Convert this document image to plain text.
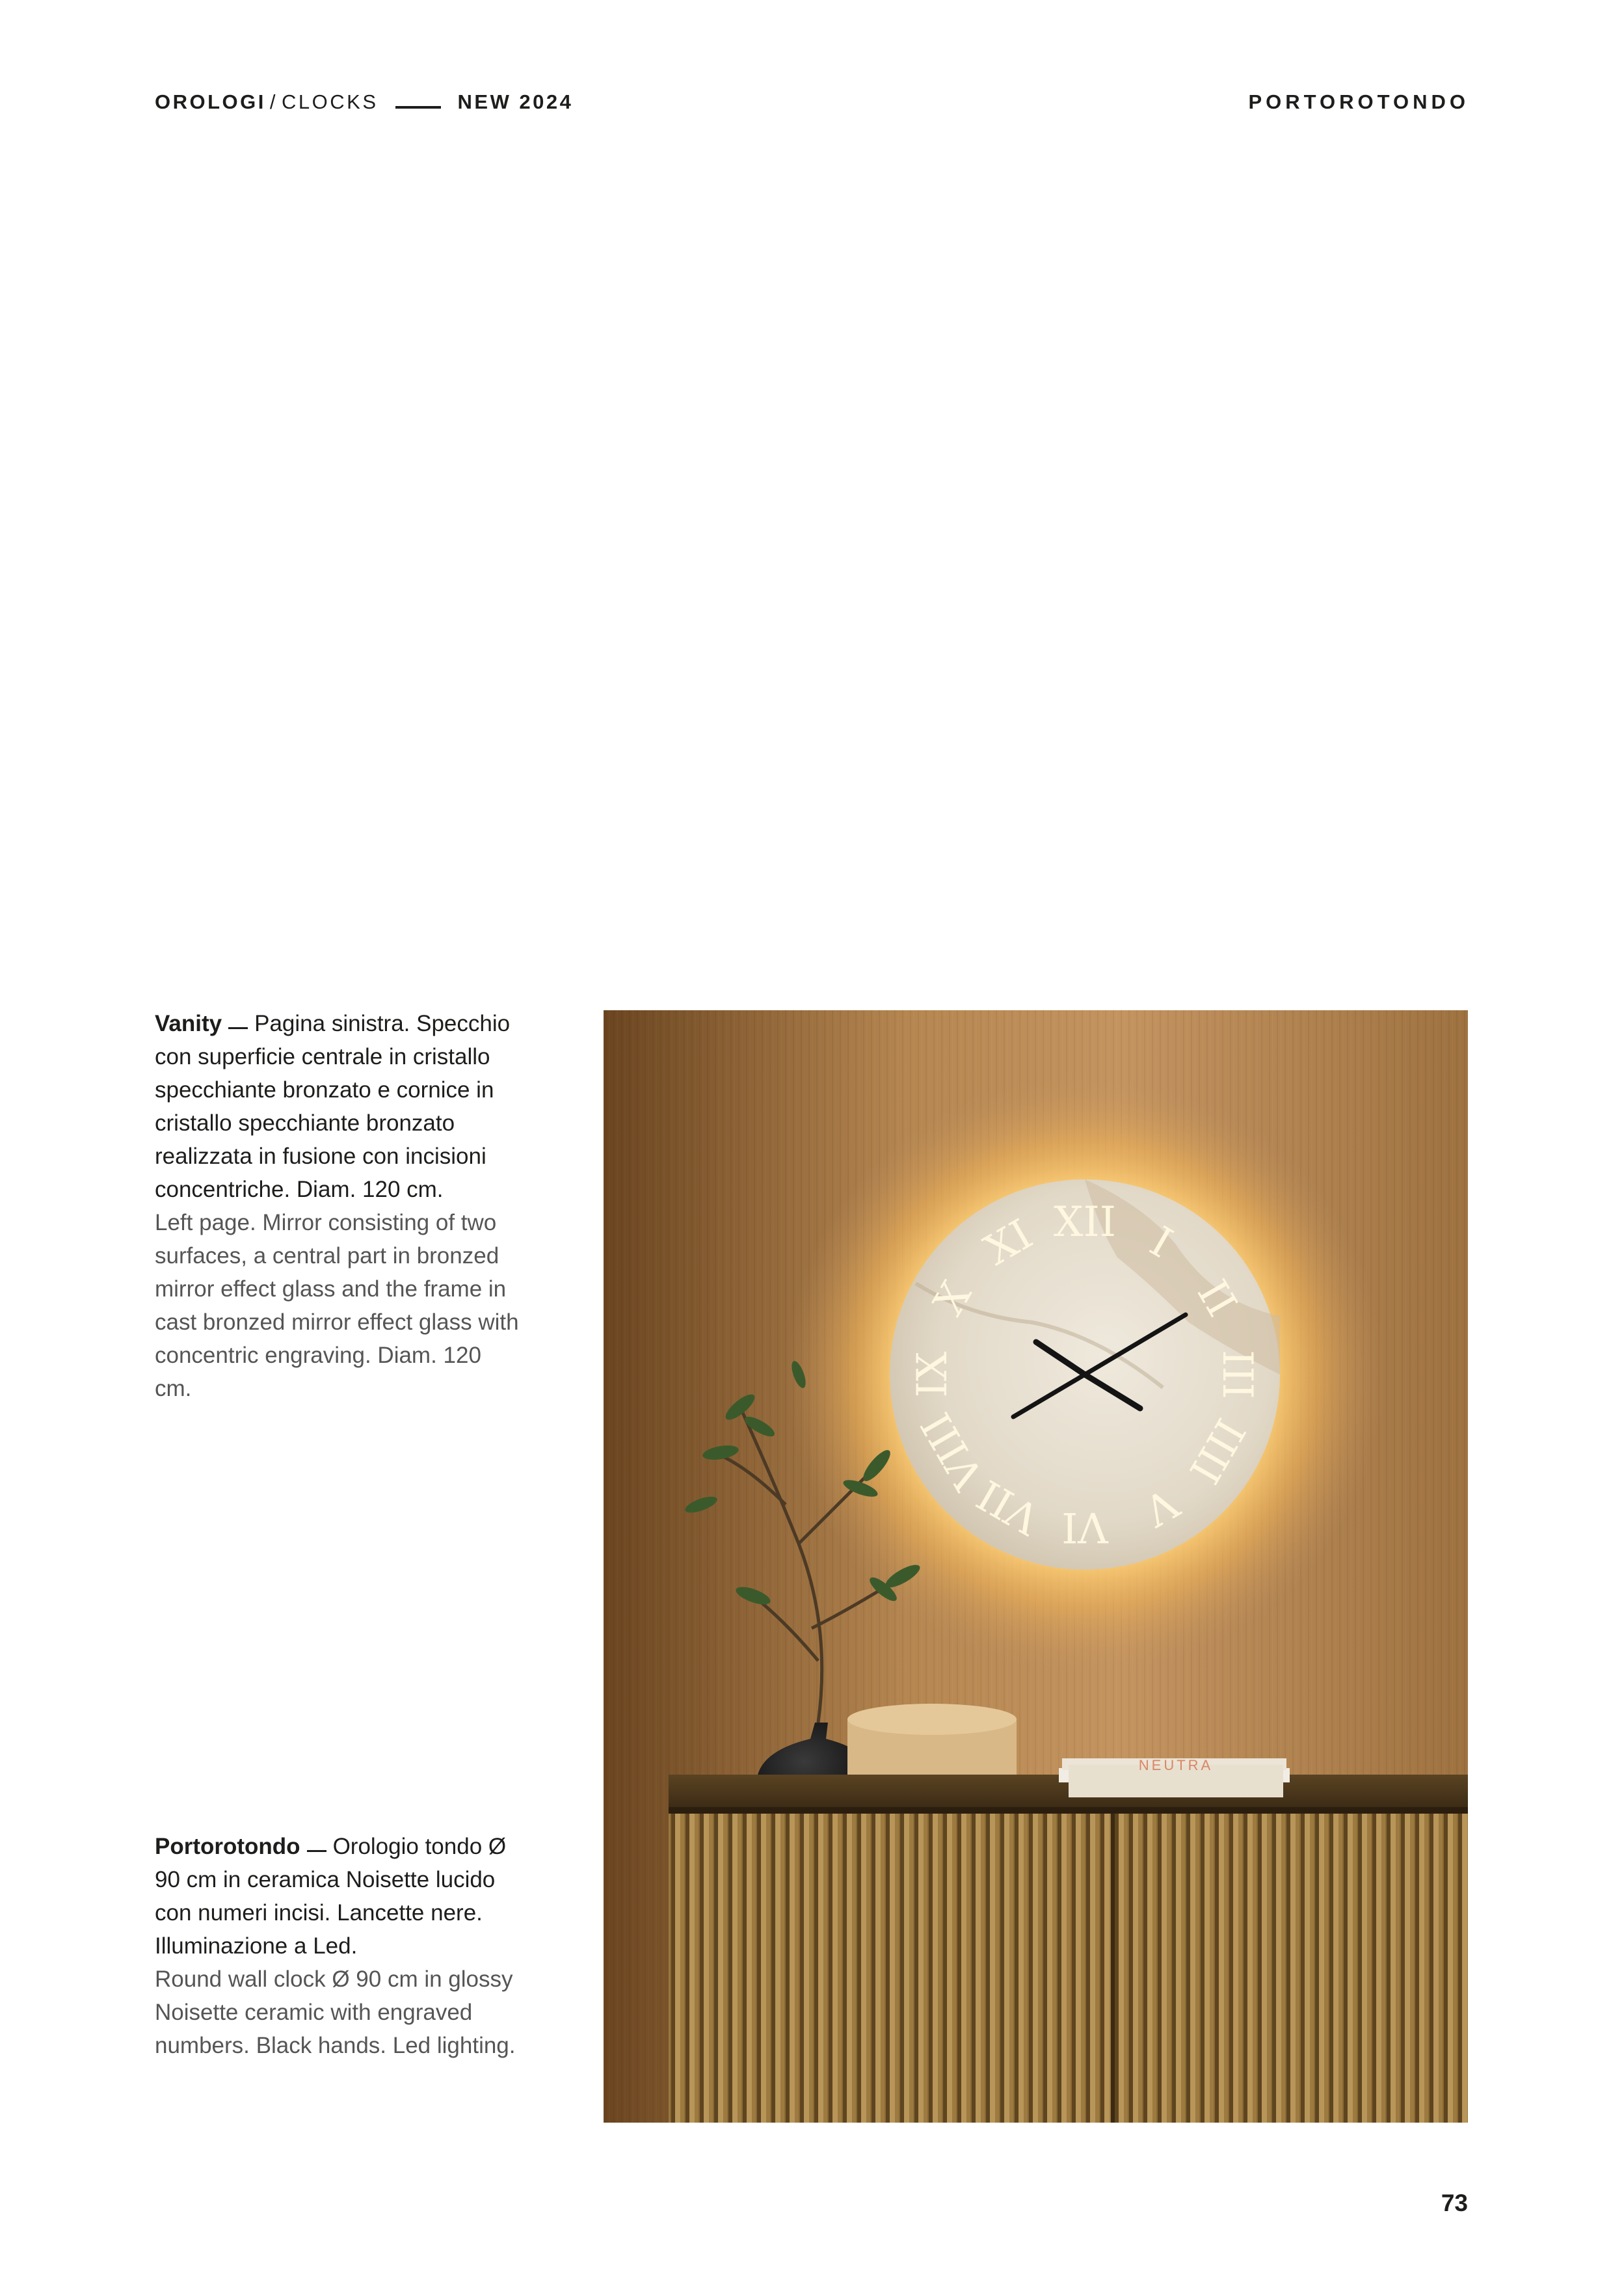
OROLOGI / CLOCKS	NEW 2024	PORTOROTONDO

Vanity Pagina sinistra. Specchio con superficie centrale in cristallo specchiante bronzato e cornice in cristallo specchiante bronzato realizzata in fusione con incisioni concentriche. Diam. 120 cm.

Left page. Mirror consisting of two surfaces, a central part in bronzed mirror effect glass and the frame in cast bronzed mirror effect glass with concentric engraving. Diam. 120 cm.

Portorotondo Orologio tondo Ø 90 cm in ceramica Noisette lucido con numeri incisi. Lancette nere. Illuminazione a Led.

Round wall clock Ø 90 cm in glossy Noisette ceramic with engraved numbers. Black hands. Led lighting.

XII I
II
III
IIII
V
VI
VII
VIII
IX
X
XI
NEUTRA
73
